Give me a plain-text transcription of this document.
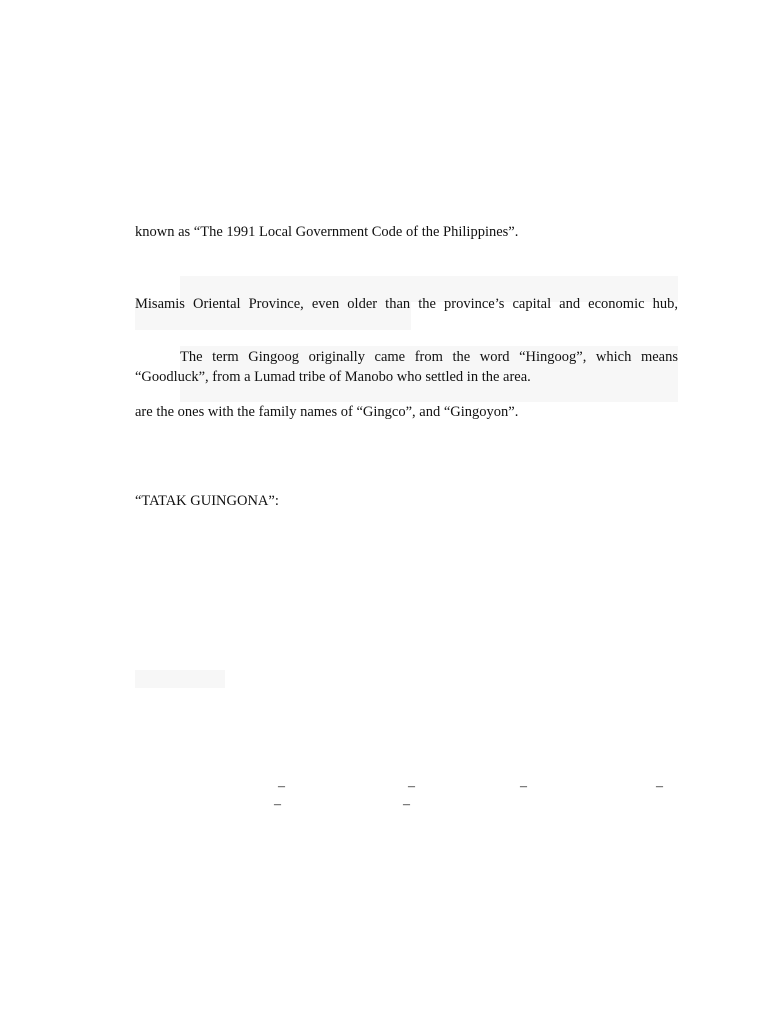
known as “The 1991 Local Government Code of the Philippines”.
Misamis Oriental Province, even older than the province’s capital and economic hub,
The term Gingoog originally came from the word “Hingoog”, which means
“Goodluck”, from a Lumad tribe of Manobo who settled in the area.
are the ones with the family names of “Gingco”, and “Gingoyon”.
“TATAK GUINGONA”:
–	–	–	–
–	–
